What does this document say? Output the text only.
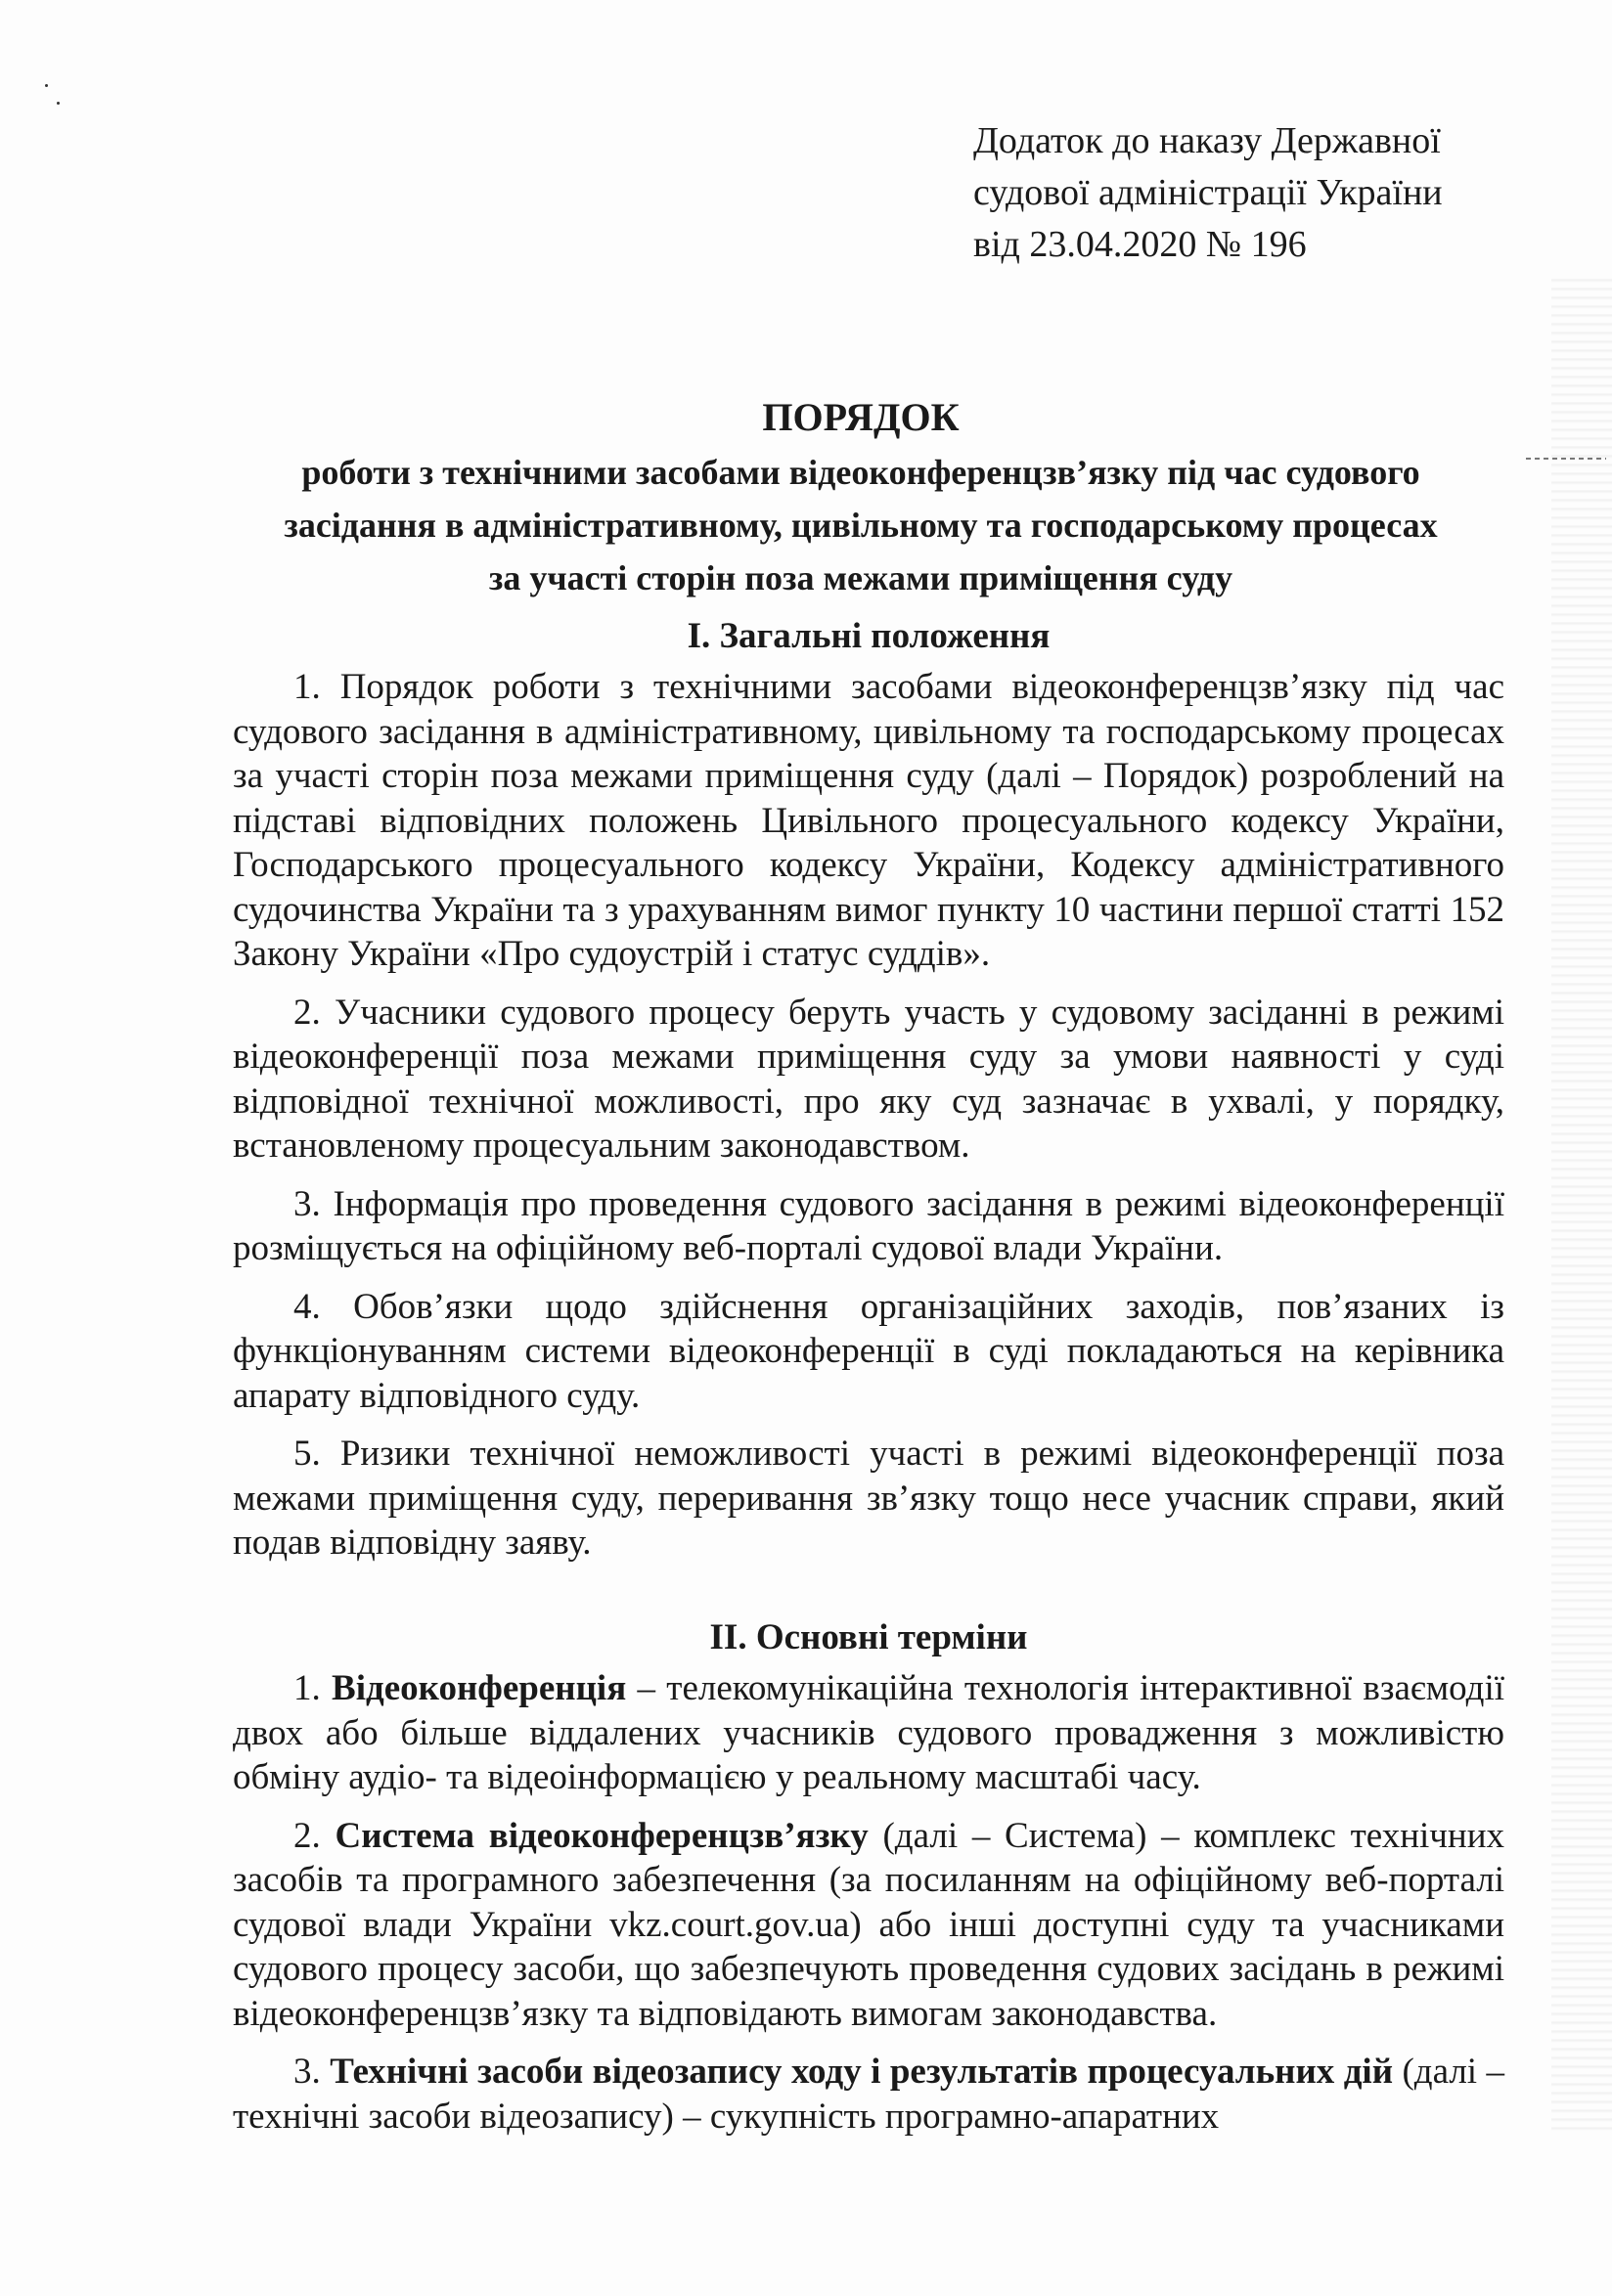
Додаток до наказу Державної
судової адміністрації України
від 23.04.2020 № 196
ПОРЯДОК
роботи з технічними засобами відеоконференцзв’язку під час судового
засідання в адміністративному, цивільному та господарському процесах
за участі сторін поза межами приміщення суду
I. Загальні положення

1. Порядок роботи з технічними засобами відеоконференцзв’язку під час судового засідання в адміністративному, цивільному та господарському процесах за участі сторін поза межами приміщення суду (далі – Порядок) розроблений на підставі відповідних положень Цивільного процесуального кодексу України, Господарського процесуального кодексу України, Кодексу адміністративного судочинства України та з урахуванням вимог пункту 10 частини першої статті 152 Закону України «Про судоустрій і статус суддів».

2. Учасники судового процесу беруть участь у судовому засіданні в режимі відеоконференції поза межами приміщення суду за умови наявності у суді відповідної технічної можливості, про яку суд зазначає в ухвалі, у порядку, встановленому процесуальним законодавством.

3. Інформація про проведення судового засідання в режимі відеоконференції розміщується на офіційному веб-порталі судової влади України.

4. Обов’язки щодо здійснення організаційних заходів, пов’язаних із функціонуванням системи відеоконференції в суді покладаються на керівника апарату відповідного суду.

5. Ризики технічної неможливості участі в режимі відеоконференції поза межами приміщення суду, переривання зв’язку тощо несе учасник справи, який подав відповідну заяву.

II. Основні терміни

1. Відеоконференція – телекомунікаційна технологія інтерактивної взаємодії двох або більше віддалених учасників судового провадження з можливістю обміну аудіо- та відеоінформацією у реальному масштабі часу.

2. Система відеоконференцзв’язку (далі – Система) – комплекс технічних засобів та програмного забезпечення (за посиланням на офіційному веб-порталі судової влади України vkz.court.gov.ua) або інші доступні суду та учасниками судового процесу засоби, що забезпечують проведення судових засідань в режимі відеоконференцзв’язку та відповідають вимогам законодавства.

3. Технічні засоби відеозапису ходу і результатів процесуальних дій (далі – технічні засоби відеозапису) – сукупність програмно-апаратних
